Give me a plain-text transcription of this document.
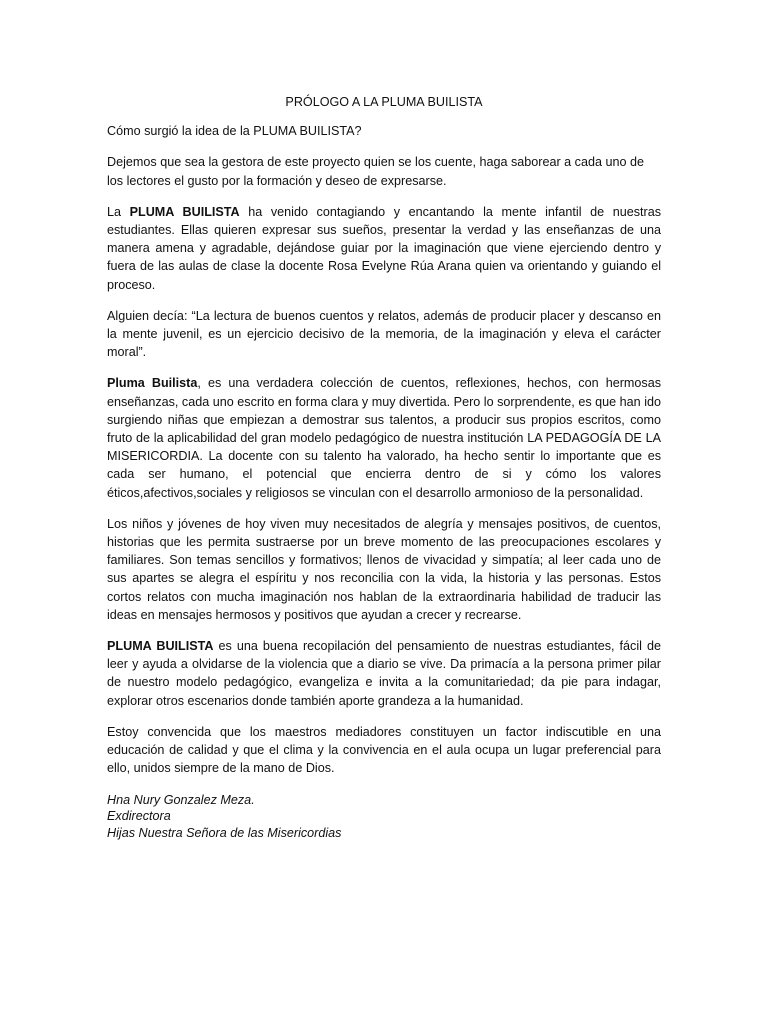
PRÓLOGO A LA PLUMA BUILISTA
Cómo surgió la idea de la PLUMA BUILISTA?
Dejemos que sea la gestora de este proyecto quien se los cuente, haga saborear a cada uno de los lectores el gusto por la formación y deseo de expresarse.
La PLUMA BUILISTA ha venido contagiando y encantando la mente infantil de nuestras estudiantes. Ellas quieren expresar sus sueños, presentar la verdad y las enseñanzas de una manera amena y agradable, dejándose guiar por la imaginación que viene ejerciendo dentro y fuera de las aulas de clase la docente Rosa Evelyne Rúa Arana quien va orientando y guiando el proceso.
Alguien decía: “La lectura de buenos cuentos y relatos, además de producir placer y descanso en la mente juvenil, es un ejercicio decisivo de la memoria, de la imaginación y eleva el carácter moral”.
Pluma Builista, es una verdadera colección de cuentos, reflexiones, hechos, con hermosas enseñanzas, cada uno escrito en forma clara y muy divertida. Pero lo sorprendente, es que han ido surgiendo niñas que empiezan a demostrar sus talentos, a producir sus propios escritos, como fruto de la aplicabilidad del gran modelo pedagógico de nuestra institución LA PEDAGOGÍA DE LA MISERICORDIA. La docente con su talento ha valorado, ha hecho sentir lo importante que es cada ser humano, el potencial que encierra dentro de si y cómo los valores éticos,afectivos,sociales y religiosos se vinculan con el desarrollo armonioso de la personalidad.
Los niños y jóvenes de hoy viven muy necesitados de alegría y mensajes positivos, de cuentos, historias que les permita sustraerse por un breve momento de las preocupaciones escolares y familiares. Son temas sencillos y formativos; llenos de vivacidad y simpatía; al leer cada uno de sus apartes se alegra el espíritu y nos reconcilia con la vida, la historia y las personas. Estos cortos relatos con mucha imaginación nos hablan de la extraordinaria habilidad de traducir las ideas en mensajes hermosos y positivos que ayudan a crecer y recrearse.
PLUMA BUILISTA es una buena recopilación del pensamiento de nuestras estudiantes, fácil de leer y ayuda a olvidarse de la violencia que a diario se vive. Da primacía a la persona primer pilar de nuestro modelo pedagógico, evangeliza e invita a la comunitariedad; da pie para indagar, explorar otros escenarios donde también aporte grandeza a la humanidad.
Estoy convencida que los maestros mediadores constituyen un factor indiscutible en una educación de calidad y que el clima y la convivencia en el aula ocupa un lugar preferencial para ello, unidos siempre de la mano de Dios.
Hna Nury Gonzalez Meza.
Exdirectora
Hijas Nuestra Señora de las Misericordias
